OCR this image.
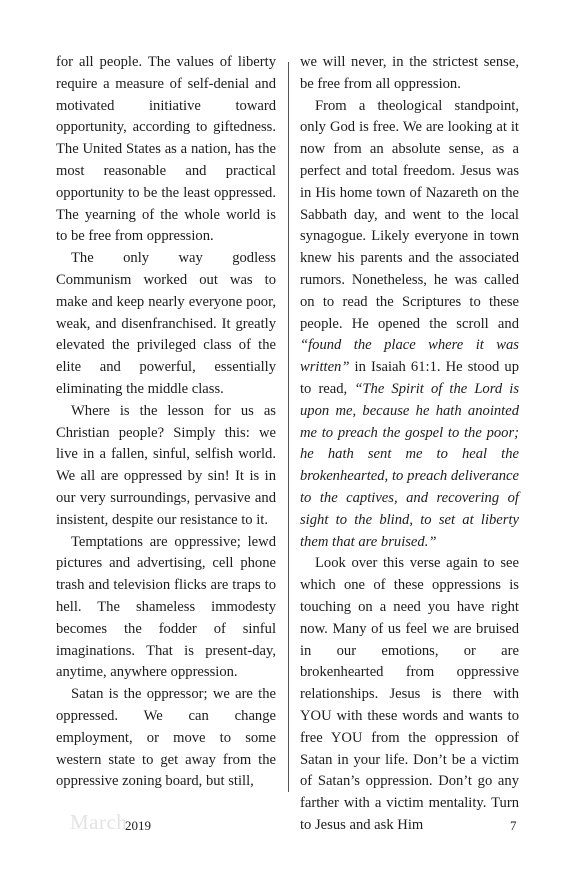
for all people. The values of liberty require a measure of self-denial and motivated initiative toward opportunity, according to giftedness. The United States as a nation, has the most reasonable and practical opportunity to be the least oppressed. The yearning of the whole world is to be free from oppression.

The only way godless Communism worked out was to make and keep nearly everyone poor, weak, and disenfranchised. It greatly elevated the privileged class of the elite and powerful, essentially eliminating the middle class.

Where is the lesson for us as Christian people? Simply this: we live in a fallen, sinful, selfish world. We all are oppressed by sin! It is in our very surroundings, pervasive and insistent, despite our resistance to it.

Temptations are oppressive; lewd pictures and advertising, cell phone trash and television flicks are traps to hell. The shameless immodesty becomes the fodder of sinful imaginations. That is present-day, anytime, anywhere oppression.

Satan is the oppressor; we are the oppressed. We can change employment, or move to some western state to get away from the oppressive zoning board, but still,

we will never, in the strictest sense, be free from all oppression.

From a theological standpoint, only God is free. We are looking at it now from an absolute sense, as a perfect and total freedom. Jesus was in His home town of Nazareth on the Sabbath day, and went to the local synagogue. Likely everyone in town knew his parents and the associated rumors. Nonetheless, he was called on to read the Scriptures to these people. He opened the scroll and “found the place where it was written” in Isaiah 61:1. He stood up to read, “The Spirit of the Lord is upon me, because he hath anointed me to preach the gospel to the poor; he hath sent me to heal the brokenhearted, to preach deliverance to the captives, and recovering of sight to the blind, to set at liberty them that are bruised.”

Look over this verse again to see which one of these oppressions is touching on a need you have right now. Many of us feel we are bruised in our emotions, or are brokenhearted from oppressive relationships. Jesus is there with YOU with these words and wants to free YOU from the oppression of Satan in your life. Don’t be a victim of Satan’s oppression. Don’t go any farther with a victim mentality. Turn to Jesus and ask Him

March
2019	7
